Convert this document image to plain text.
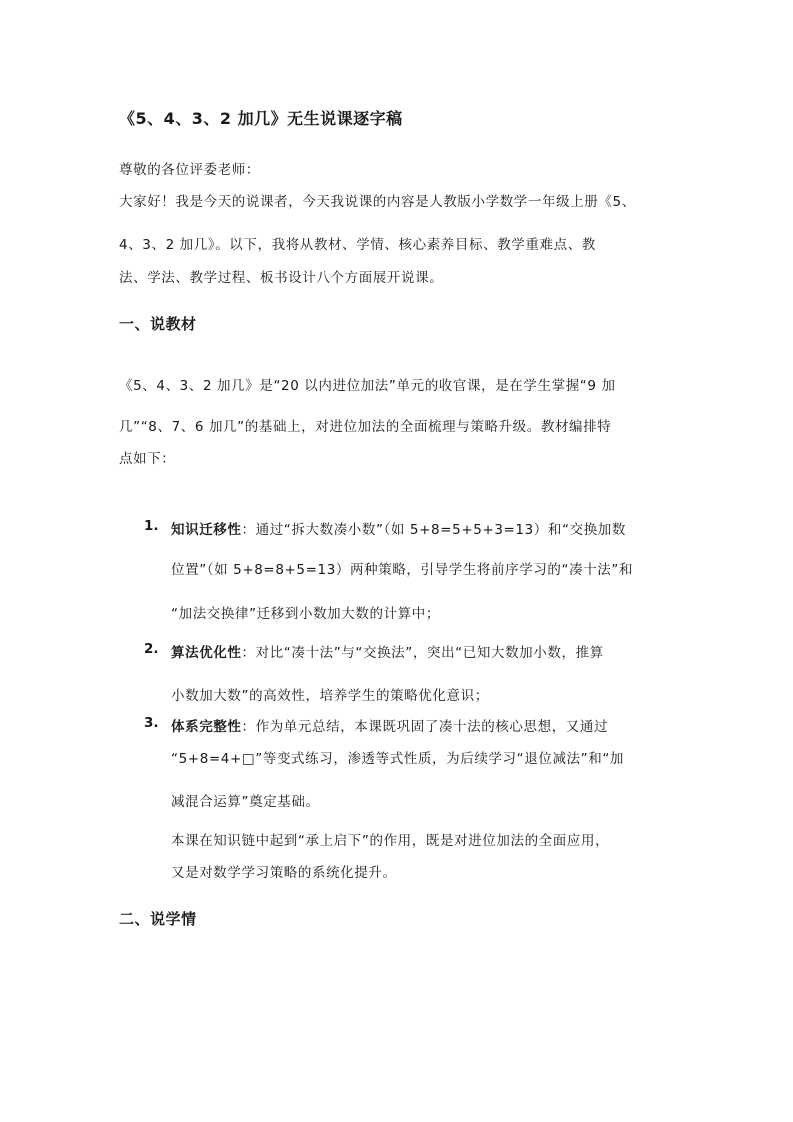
《5、4、3、2 加几》无生说课逐字稿
尊敬的各位评委老师：
大家好！我是今天的说课者，今天我说课的内容是人教版小学数学一年级上册《5、
4、3、2 加几》。以下，我将从教材、学情、核心素养目标、教学重难点、教
法、学法、教学过程、板书设计八个方面展开说课。
一、说教材
《5、4、3、2 加几》是“20 以内进位加法”单元的收官课，是在学生掌握“9 加
几”“8、7、6 加几”的基础上，对进位加法的全面梳理与策略升级。教材编排特
点如下：
1. 知识迁移性：通过“拆大数凑小数”（如 5+8=5+5+3=13）和“交换加数
位置”（如 5+8=8+5=13）两种策略，引导学生将前序学习的“凑十法”和
“加法交换律”迁移到小数加大数的计算中；
2. 算法优化性：对比“凑十法”与“交换法”，突出“已知大数加小数，推算
小数加大数”的高效性，培养学生的策略优化意识；
3. 体系完整性：作为单元总结，本课既巩固了凑十法的核心思想，又通过
“5+8=4+□”等变式练习，渗透等式性质，为后续学习“退位减法”和“加
减混合运算”奠定基础。
本课在知识链中起到“承上启下”的作用，既是对进位加法的全面应用，
又是对数学学习策略的系统化提升。
二、说学情
